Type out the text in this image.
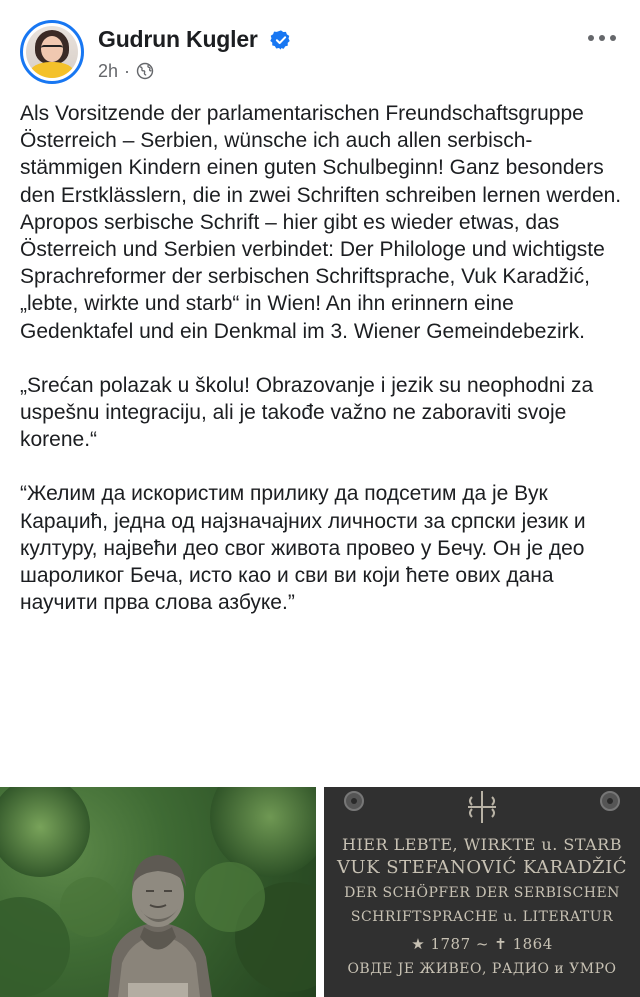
Gudrun Kugler
2h ·

Als Vorsitzende der parlamentarischen Freundschaftsgruppe Österreich – Serbien, wünsche ich auch allen serbisch-stämmigen Kindern einen guten Schulbeginn! Ganz besonders den Erstklässlern, die in zwei Schriften schreiben lernen werden. Apropos serbische Schrift – hier gibt es wieder etwas, das Österreich und Serbien verbindet: Der Philologe und wichtigste Sprachreformer der serbischen Schriftsprache, Vuk Karadžić, „lebte, wirkte und starb“ in Wien! An ihn erinnern eine Gedenktafel und ein Denkmal im 3. Wiener Gemeindebezirk.

„Srećan polazak u školu! Obrazovanje i jezik su neophodni za uspešnu integraciju, ali je takođe važno ne zaboraviti svoje korene.“

“Желим да искористим прилику да подсетим да је Вук Караџић, једна од најзначајних личности за српски језик и културу, највећи део свог живота провео у Бечу. Он је део шароликог Беча, исто као и сви ви који ћете ових дана научити прва слова азбуке.”

HIER LEBTE, WIRKTE u. STARB
VUK STEFANOVIĆ KARADŽIĆ
DER SCHÖPFER DER SERBISCHEN
SCHRIFTSPRACHE u. LITERATUR
★ 1787 ~ ✝ 1864
ОВДЕ ЈЕ ЖИВЕО, РАДИО и УМРО
